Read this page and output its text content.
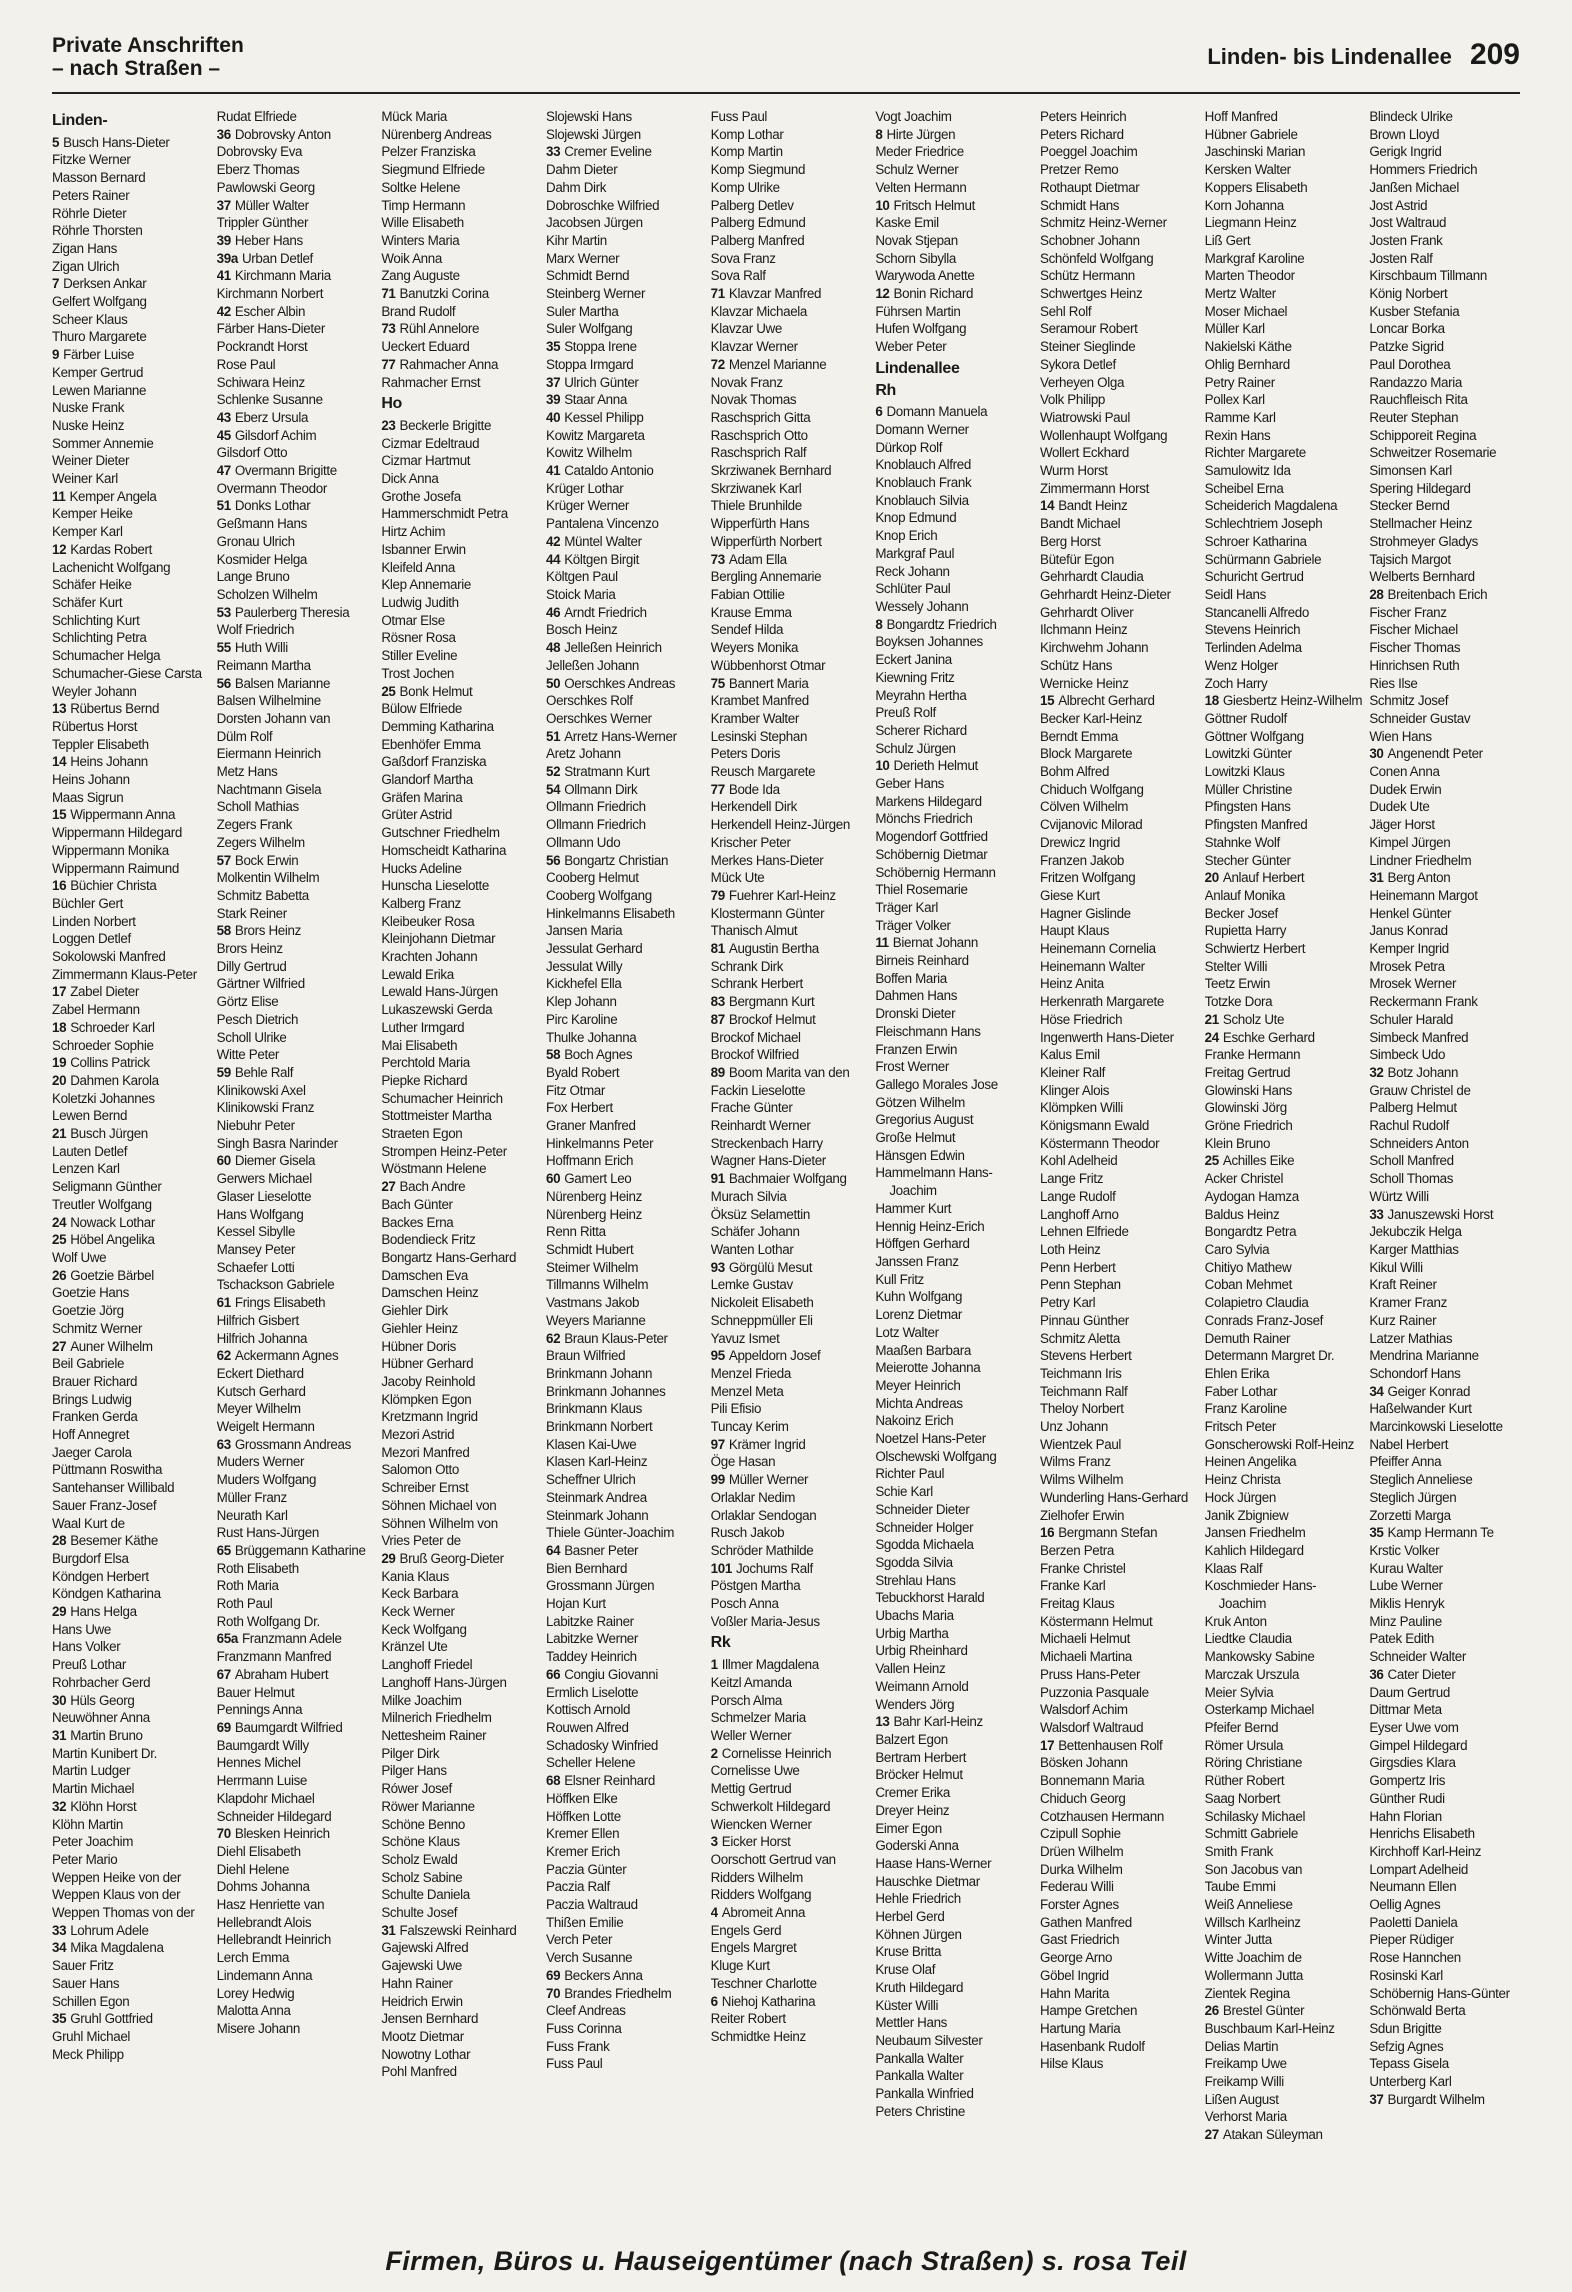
Private Anschriften
– nach Straßen –	Linden- bis Lindenallee 209
Linden-
5 Busch Hans-Dieter
Fitzke Werner
Masson Bernard
Peters Rainer
Röhrle Dieter
Röhrle Thorsten
Zigan Hans
Zigan Ulrich
7 Derksen Ankar
Gelfert Wolfgang
Scheer Klaus
Thuro Margarete
9 Färber Luise
Kemper Gertrud
Lewen Marianne
Nuske Frank
Nuske Heinz
Sommer Annemie
Weiner Dieter
Weiner Karl
11 Kemper Angela
Kemper Heike
Kemper Karl
12 Kardas Robert
Lachenicht Wolfgang
Schäfer Heike
Schäfer Kurt
Schlichting Kurt
Schlichting Petra
Schumacher Helga
Schumacher-Giese Carsta
Weyler Johann
13 Rübertus Bernd
Rübertus Horst
Teppler Elisabeth
14 Heins Johann
Heins Johann
Maas Sigrun
15 Wippermann Anna
Wippermann Hildegard
Wippermann Monika
Wippermann Raimund
16 Büchier Christa
Büchler Gert
Linden Norbert
Loggen Detlef
Sokolowski Manfred
Zimmermann Klaus-Peter
17 Zabel Dieter
Zabel Hermann
18 Schroeder Karl
Schroeder Sophie
19 Collins Patrick
20 Dahmen Karola
Koletzki Johannes
Lewen Bernd
21 Busch Jürgen
Lauten Detlef
Lenzen Karl
Seligmann Günther
Treutler Wolfgang
24 Nowack Lothar
25 Höbel Angelika
Wolf Uwe
26 Goetzie Bärbel
Goetzie Hans
Goetzie Jörg
Schmitz Werner
27 Auner Wilhelm
Beil Gabriele
Brauer Richard
Brings Ludwig
Franken Gerda
Hoff Annegret
Jaeger Carola
Püttmann Roswitha
Santehanser Willibald
Sauer Franz-Josef
Waal Kurt de
28 Besemer Käthe
Burgdorf Elsa
Köndgen Herbert
Köndgen Katharina
29 Hans Helga
Hans Uwe
Hans Volker
Preuß Lothar
Rohrbacher Gerd
30 Hüls Georg
Neuwöhner Anna
31 Martin Bruno
Martin Kunibert Dr.
Martin Ludger
Martin Michael
32 Klöhn Horst
Klöhn Martin
Peter Joachim
Peter Mario
Weppen Heike von der
Weppen Klaus von der
Weppen Thomas von der
33 Lohrum Adele
34 Mika Magdalena
Sauer Fritz
Sauer Hans
Schillen Egon
35 Gruhl Gottfried
Gruhl Michael
Meck Philipp
Rudat Elfriede
36 Dobrovsky Anton
Dobrovsky Eva
Eberz Thomas
Pawlowski Georg
37 Müller Walter
Trippler Günther
39 Heber Hans
39a Urban Detlef
41 Kirchmann Maria
Kirchmann Norbert
42 Escher Albin
Färber Hans-Dieter
Pockrandt Horst
Rose Paul
Schiwara Heinz
Schlenke Susanne
43 Eberz Ursula
45 Gilsdorf Achim
Gilsdorf Otto
47 Overmann Brigitte
Overmann Theodor
51 Donks Lothar
Geßmann Hans
Gronau Ulrich
Kosmider Helga
Lange Bruno
Scholzen Wilhelm
53 Paulerberg Theresia
Wolf Friedrich
55 Huth Willi
Reimann Martha
56 Balsen Marianne
Balsen Wilhelmine
Dorsten Johann van
Dülm Rolf
Eiermann Heinrich
Metz Hans
Nachtmann Gisela
Scholl Mathias
Zegers Frank
Zegers Wilhelm
57 Bock Erwin
Molkentin Wilhelm
Schmitz Babetta
Stark Reiner
58 Brors Heinz
Brors Heinz
Dilly Gertrud
Gärtner Wilfried
Görtz Elise
Pesch Dietrich
Scholl Ulrike
Witte Peter
59 Behle Ralf
Klinikowski Axel
Klinikowski Franz
Niebuhr Peter
Singh Basra Narinder
60 Diemer Gisela
Gerwers Michael
Glaser Lieselotte
Hans Wolfgang
Kessel Sibylle
Mansey Peter
Schaefer Lotti
Tschackson Gabriele
61 Frings Elisabeth
Hilfrich Gisbert
Hilfrich Johanna
62 Ackermann Agnes
Eckert Diethard
Kutsch Gerhard
Meyer Wilhelm
Weigelt Hermann
63 Grossmann Andreas
Muders Werner
Muders Wolfgang
Müller Franz
Neurath Karl
Rust Hans-Jürgen
65 Brüggemann Katharine
Roth Elisabeth
Roth Maria
Roth Paul
Roth Wolfgang Dr.
65a Franzmann Adele
Franzmann Manfred
67 Abraham Hubert
Bauer Helmut
Pennings Anna
69 Baumgardt Wilfried
Baumgardt Willy
Hennes Michel
Herrmann Luise
Klapdohr Michael
Schneider Hildegard
70 Blesken Heinrich
Diehl Elisabeth
Diehl Helene
Dohms Johanna
Hasz Henriette van
Hellebrandt Alois
Hellebrandt Heinrich
Lerch Emma
Lindemann Anna
Lorey Hedwig
Malotta Anna
Misere Johann
Mück Maria
Nürenberg Andreas
Pelzer Franziska
Siegmund Elfriede
Soltke Helene
Timp Hermann
Wille Elisabeth
Winters Maria
Woik Anna
Zang Auguste
71 Banutzki Corina
Brand Rudolf
73 Rühl Annelore
Ueckert Eduard
77 Rahmacher Anna
Rahmacher Ernst
Ho
23 Beckerle Brigitte
Cizmar Edeltraud
Cizmar Hartmut
Dick Anna
Grothe Josefa
Hammerschmidt Petra
Hirtz Achim
Isbanner Erwin
Kleifeld Anna
Klep Annemarie
Ludwig Judith
Otmar Else
Rösner Rosa
Stiller Eveline
Trost Jochen
25 Bonk Helmut
Bülow Elfriede
Demming Katharina
Ebenhöfer Emma
Gaßdorf Franziska
Glandorf Martha
Gräfen Marina
Grüter Astrid
Gutschner Friedhelm
Homscheidt Katharina
Hucks Adeline
Hunscha Lieselotte
Kalberg Franz
Kleibeuker Rosa
Kleinjohann Dietmar
Krachten Johann
Lewald Erika
Lewald Hans-Jürgen
Lukaszewski Gerda
Luther Irmgard
Mai Elisabeth
Perchtold Maria
Piepke Richard
Schumacher Heinrich
Stottmeister Martha
Straeten Egon
Strompen Heinz-Peter
Wöstmann Helene
27 Bach Andre
Bach Günter
Backes Erna
Bodendieck Fritz
Bongartz Hans-Gerhard
Damschen Eva
Damschen Heinz
Giehler Dirk
Giehler Heinz
Hübner Doris
Hübner Gerhard
Jacoby Reinhold
Klömpken Egon
Kretzmann Ingrid
Mezori Astrid
Mezori Manfred
Salomon Otto
Schreiber Ernst
Söhnen Michael von
Söhnen Wilhelm von
Vries Peter de
29 Bruß Georg-Dieter
Kania Klaus
Keck Barbara
Keck Werner
Keck Wolfgang
Kränzel Ute
Langhoff Friedel
Langhoff Hans-Jürgen
Milke Joachim
Milnerich Friedhelm
Nettesheim Rainer
Pilger Dirk
Pilger Hans
Rówer Josef
Röwer Marianne
Schöne Benno
Schöne Klaus
Scholz Ewald
Scholz Sabine
Schulte Daniela
Schulte Josef
31 Falszewski Reinhard
Gajewski Alfred
Gajewski Uwe
Hahn Rainer
Heidrich Erwin
Jensen Bernhard
Mootz Dietmar
Nowotny Lothar
Pohl Manfred
Slojewski Hans
Slojewski Jürgen
33 Cremer Eveline
Dahm Dieter
Dahm Dirk
Dobroschke Wilfried
Jacobsen Jürgen
Kihr Martin
Marx Werner
Schmidt Bernd
Steinberg Werner
Suler Martha
Suler Wolfgang
35 Stoppa Irene
Stoppa Irmgard
37 Ulrich Günter
39 Staar Anna
40 Kessel Philipp
Kowitz Margareta
Kowitz Wilhelm
41 Cataldo Antonio
Krüger Lothar
Krüger Werner
Pantalena Vincenzo
42 Müntel Walter
44 Költgen Birgit
Költgen Paul
Stoick Maria
46 Arndt Friedrich
Bosch Heinz
48 Jelleßen Heinrich
Jelleßen Johann
50 Oerschkes Andreas
Oerschkes Rolf
Oerschkes Werner
51 Arretz Hans-Werner
Aretz Johann
52 Stratmann Kurt
54 Ollmann Dirk
Ollmann Friedrich
Ollmann Friedrich
Ollmann Udo
56 Bongartz Christian
Cooberg Helmut
Cooberg Wolfgang
Hinkelmanns Elisabeth
Jansen Maria
Jessulat Gerhard
Jessulat Willy
Kickhefel Ella
Klep Johann
Pirc Karoline
Thulke Johanna
58 Boch Agnes
Byald Robert
Fitz Otmar
Fox Herbert
Graner Manfred
Hinkelmanns Peter
Hoffmann Erich
60 Gamert Leo
Nürenberg Heinz
Nürenberg Heinz
Renn Ritta
Schmidt Hubert
Steimer Wilhelm
Tillmanns Wilhelm
Vastmans Jakob
Weyers Marianne
62 Braun Klaus-Peter
Braun Wilfried
Brinkmann Johann
Brinkmann Johannes
Brinkmann Klaus
Brinkmann Norbert
Klasen Kai-Uwe
Klasen Karl-Heinz
Scheffner Ulrich
Steinmark Andrea
Steinmark Johann
Thiele Günter-Joachim
64 Basner Peter
Bien Bernhard
Grossmann Jürgen
Hojan Kurt
Labitzke Rainer
Labitzke Werner
Taddey Heinrich
66 Congiu Giovanni
Ermlich Liselotte
Kottisch Arnold
Rouwen Alfred
Schadosky Winfried
Scheller Helene
68 Elsner Reinhard
Höffken Elke
Höffken Lotte
Kremer Ellen
Kremer Erich
Paczia Günter
Paczia Ralf
Paczia Waltraud
Thißen Emilie
Verch Peter
Verch Susanne
69 Beckers Anna
70 Brandes Friedhelm
Cleef Andreas
Fuss Corinna
Fuss Frank
Fuss Paul
Fuss Paul
Komp Lothar
Komp Martin
Komp Siegmund
Komp Ulrike
Palberg Detlev
Palberg Edmund
Palberg Manfred
Sova Franz
Sova Ralf
71 Klavzar Manfred
Klavzar Michaela
Klavzar Uwe
Klavzar Werner
72 Menzel Marianne
Novak Franz
Novak Thomas
Raschsprich Gitta
Raschsprich Otto
Raschsprich Ralf
Skrziwanek Bernhard
Skrziwanek Karl
Thiele Brunhilde
Wipperfürth Hans
Wipperfürth Norbert
73 Adam Ella
Bergling Annemarie
Fabian Ottilie
Krause Emma
Sendef Hilda
Weyers Monika
Wübbenhorst Otmar
75 Bannert Maria
Krambet Manfred
Kramber Walter
Lesinski Stephan
Peters Doris
Reusch Margarete
77 Bode Ida
Herkendell Dirk
Herkendell Heinz-Jürgen
Krischer Peter
Merkes Hans-Dieter
Mück Ute
79 Fuehrer Karl-Heinz
Klostermann Günter
Thanisch Almut
81 Augustin Bertha
Schrank Dirk
Schrank Herbert
83 Bergmann Kurt
87 Brockof Helmut
Brockof Michael
Brockof Wilfried
89 Boom Marita van den
Fackin Lieselotte
Frache Günter
Reinhardt Werner
Streckenbach Harry
Wagner Hans-Dieter
91 Bachmaier Wolfgang
Murach Silvia
Öksüz Selamettin
Schäfer Johann
Wanten Lothar
93 Görgülü Mesut
Lemke Gustav
Nickoleit Elisabeth
Schneppmüller Eli
Yavuz Ismet
95 Appeldorn Josef
Menzel Frieda
Menzel Meta
Pili Efisio
Tuncay Kerim
97 Krämer Ingrid
Öge Hasan
99 Müller Werner
Orlaklar Nedim
Orlaklar Sendogan
Rusch Jakob
Schröder Mathilde
101 Jochums Ralf
Pöstgen Martha
Posch Anna
Voßler Maria-Jesus
Rk
1 Illmer Magdalena
Keitzl Amanda
Porsch Alma
Schmelzer Maria
Weller Werner
2 Cornelisse Heinrich
Cornelisse Uwe
Mettig Gertrud
Schwerkolt Hildegard
Wiencken Werner
3 Eicker Horst
Oorschott Gertrud van
Ridders Wilhelm
Ridders Wolfgang
4 Abromeit Anna
Engels Gerd
Engels Margret
Kluge Kurt
Teschner Charlotte
6 Niehoj Katharina
Reiter Robert
Schmidtke Heinz
Vogt Joachim
8 Hirte Jürgen
Meder Friedrice
Schulz Werner
Velten Hermann
10 Fritsch Helmut
Kaske Emil
Novak Stjepan
Schorn Sibylla
Warywoda Anette
12 Bonin Richard
Führsen Martin
Hufen Wolfgang
Weber Peter
Lindenallee
Rh
6 Domann Manuela
Domann Werner
Dürkop Rolf
Knoblauch Alfred
Knoblauch Frank
Knoblauch Silvia
Knop Edmund
Knop Erich
Markgraf Paul
Reck Johann
Schlüter Paul
Wessely Johann
8 Bongardtz Friedrich
Boyksen Johannes
Eckert Janina
Kiewning Fritz
Meyrahn Hertha
Preuß Rolf
Scherer Richard
Schulz Jürgen
10 Derieth Helmut
Geber Hans
Markens Hildegard
Mönchs Friedrich
Mogendorf Gottfried
Schöbernig Dietmar
Schöbernig Hermann
Thiel Rosemarie
Träger Karl
Träger Volker
11 Biernat Johann
Birneis Reinhard
Boffen Maria
Dahmen Hans
Dronski Dieter
Fleischmann Hans
Franzen Erwin
Frost Werner
Gallego Morales Jose
Götzen Wilhelm
Gregorius August
Große Helmut
Hänsgen Edwin
Hammelmann Hans-Joachim
Hammer Kurt
Hennig Heinz-Erich
Höffgen Gerhard
Janssen Franz
Kull Fritz
Kuhn Wolfgang
Lorenz Dietmar
Lotz Walter
Maaßen Barbara
Meierotte Johanna
Meyer Heinrich
Michta Andreas
Nakoinz Erich
Noetzel Hans-Peter
Olschewski Wolfgang
Richter Paul
Schie Karl
Schneider Dieter
Schneider Holger
Sgodda Michaela
Sgodda Silvia
Strehlau Hans
Tebuckhorst Harald
Ubachs Maria
Urbig Martha
Urbig Rheinhard
Vallen Heinz
Weimann Arnold
Wenders Jörg
13 Bahr Karl-Heinz
Balzert Egon
Bertram Herbert
Bröcker Helmut
Cremer Erika
Dreyer Heinz
Eimer Egon
Goderski Anna
Haase Hans-Werner
Hauschke Dietmar
Hehle Friedrich
Herbel Gerd
Köhnen Jürgen
Kruse Britta
Kruse Olaf
Kruth Hildegard
Küster Willi
Mettler Hans
Neubaum Silvester
Pankalla Walter
Pankalla Walter
Pankalla Winfried
Peters Christine
Peters Heinrich
Peters Richard
Poeggel Joachim
Pretzer Remo
Rothaupt Dietmar
Schmidt Hans
Schmitz Heinz-Werner
Schobner Johann
Schönfeld Wolfgang
Schütz Hermann
Schwertges Heinz
Sehl Rolf
Seramour Robert
Steiner Sieglinde
Sykora Detlef
Verheyen Olga
Volk Philipp
Wiatrowski Paul
Wollenhaupt Wolfgang
Wollert Eckhard
Wurm Horst
Zimmermann Horst
14 Bandt Heinz
Bandt Michael
Berg Horst
Bütefür Egon
Gehrhardt Claudia
Gehrhardt Heinz-Dieter
Gehrhardt Oliver
Ilchmann Heinz
Kirchwehm Johann
Schütz Hans
Wernicke Heinz
15 Albrecht Gerhard
Becker Karl-Heinz
Berndt Emma
Block Margarete
Bohm Alfred
Chiduch Wolfgang
Cölven Wilhelm
Cvijanovic Milorad
Drewicz Ingrid
Franzen Jakob
Fritzen Wolfgang
Giese Kurt
Hagner Gislinde
Haupt Klaus
Heinemann Cornelia
Heinemann Walter
Heinz Anita
Herkenrath Margarete
Höse Friedrich
Ingenwerth Hans-Dieter
Kalus Emil
Kleiner Ralf
Klinger Alois
Klömpken Willi
Königsmann Ewald
Köstermann Theodor
Kohl Adelheid
Lange Fritz
Lange Rudolf
Langhoff Arno
Lehnen Elfriede
Loth Heinz
Penn Herbert
Penn Stephan
Petry Karl
Pinnau Günther
Schmitz Aletta
Stevens Herbert
Teichmann Iris
Teichmann Ralf
Theloy Norbert
Unz Johann
Wientzek Paul
Wilms Franz
Wilms Wilhelm
Wunderling Hans-Gerhard
Zielhofer Erwin
16 Bergmann Stefan
Berzen Petra
Franke Christel
Franke Karl
Freitag Klaus
Köstermann Helmut
Michaeli Helmut
Michaeli Martina
Pruss Hans-Peter
Puzzonia Pasquale
Walsdorf Achim
Walsdorf Waltraud
17 Bettenhausen Rolf
Bösken Johann
Bonnemann Maria
Chiduch Georg
Cotzhausen Hermann
Czipull Sophie
Drüen Wilhelm
Durka Wilhelm
Federau Willi
Forster Agnes
Gathen Manfred
Gast Friedrich
George Arno
Göbel Ingrid
Hahn Marita
Hampe Gretchen
Hartung Maria
Hasenbank Rudolf
Hilse Klaus
Hoff Manfred
Hübner Gabriele
Jaschinski Marian
Kersken Walter
Koppers Elisabeth
Korn Johanna
Liegmann Heinz
Liß Gert
Markgraf Karoline
Marten Theodor
Mertz Walter
Moser Michael
Müller Karl
Nakielski Käthe
Ohlig Bernhard
Petry Rainer
Pollex Karl
Ramme Karl
Rexin Hans
Richter Margarete
Samulowitz Ida
Scheibel Erna
Scheiderich Magdalena
Schlechtriem Joseph
Schroer Katharina
Schürmann Gabriele
Schuricht Gertrud
Seidl Hans
Stancanelli Alfredo
Stevens Heinrich
Terlinden Adelma
Wenz Holger
Zoch Harry
18 Giesbertz Heinz-Wilhelm
Göttner Rudolf
Göttner Wolfgang
Lowitzki Günter
Lowitzki Klaus
Müller Christine
Pfingsten Hans
Pfingsten Manfred
Stahnke Wolf
Stecher Günter
20 Anlauf Herbert
Anlauf Monika
Becker Josef
Rupietta Harry
Schwiertz Herbert
Stelter Willi
Teetz Erwin
Totzke Dora
21 Scholz Ute
24 Eschke Gerhard
Franke Hermann
Freitag Gertrud
Glowinski Hans
Glowinski Jörg
Gröne Friedrich
Klein Bruno
25 Achilles Eike
Acker Christel
Aydogan Hamza
Baldus Heinz
Bongardtz Petra
Caro Sylvia
Chitiyo Mathew
Coban Mehmet
Colapietro Claudia
Conrads Franz-Josef
Demuth Rainer
Determann Margret Dr.
Ehlen Erika
Faber Lothar
Franz Karoline
Fritsch Peter
Gonscherowski Rolf-Heinz
Heinen Angelika
Heinz Christa
Hock Jürgen
Janik Zbigniew
Jansen Friedhelm
Kahlich Hildegard
Klaas Ralf
Koschmieder Hans-Joachim
Kruk Anton
Liedtke Claudia
Mankowsky Sabine
Marczak Urszula
Meier Sylvia
Osterkamp Michael
Pfeifer Bernd
Römer Ursula
Röring Christiane
Rüther Robert
Saag Norbert
Schilasky Michael
Schmitt Gabriele
Smith Frank
Son Jacobus van
Taube Emmi
Weiß Anneliese
Willsch Karlheinz
Winter Jutta
Witte Joachim de
Wollermann Jutta
Zientek Regina
26 Brestel Günter
Buschbaum Karl-Heinz
Delias Martin
Freikamp Uwe
Freikamp Willi
Lißen August
Verhorst Maria
27 Atakan Süleyman
Blindeck Ulrike
Brown Lloyd
Gerigk Ingrid
Hommers Friedrich
Janßen Michael
Jost Astrid
Jost Waltraud
Josten Frank
Josten Ralf
Kirschbaum Tillmann
König Norbert
Kusber Stefania
Loncar Borka
Patzke Sigrid
Paul Dorothea
Randazzo Maria
Rauchfleisch Rita
Reuter Stephan
Schipporeit Regina
Schweitzer Rosemarie
Simonsen Karl
Spering Hildegard
Stecker Bernd
Stellmacher Heinz
Strohmeyer Gladys
Tajsich Margot
Welberts Bernhard
28 Breitenbach Erich
Fischer Franz
Fischer Michael
Fischer Thomas
Hinrichsen Ruth
Ries Ilse
Schmitz Josef
Schneider Gustav
Wien Hans
30 Angenendt Peter
Conen Anna
Dudek Erwin
Dudek Ute
Jäger Horst
Kimpel Jürgen
Lindner Friedhelm
31 Berg Anton
Heinemann Margot
Henkel Günter
Janus Konrad
Kemper Ingrid
Mrosek Petra
Mrosek Werner
Reckermann Frank
Schuler Harald
Simbeck Manfred
Simbeck Udo
32 Botz Johann
Grauw Christel de
Palberg Helmut
Rachul Rudolf
Schneiders Anton
Scholl Manfred
Scholl Thomas
Würtz Willi
33 Januszewski Horst
Jekubczik Helga
Karger Matthias
Kikul Willi
Kraft Reiner
Kramer Franz
Kurz Rainer
Latzer Mathias
Mendrina Marianne
Schondorf Hans
34 Geiger Konrad
Haßelwander Kurt
Marcinkowski Lieselotte
Nabel Herbert
Pfeiffer Anna
Steglich Anneliese
Steglich Jürgen
Zorzetti Marga
35 Kamp Hermann Te
Krstic Volker
Kurau Walter
Lube Werner
Miklis Henryk
Minz Pauline
Patek Edith
Schneider Walter
36 Cater Dieter
Daum Gertrud
Dittmar Meta
Eyser Uwe vom
Gimpel Hildegard
Girgsdies Klara
Gompertz Iris
Günther Rudi
Hahn Florian
Henrichs Elisabeth
Kirchhoff Karl-Heinz
Lompart Adelheid
Neumann Ellen
Oellig Agnes
Paoletti Daniela
Pieper Rüdiger
Rose Hannchen
Rosinski Karl
Schöbernig Hans-Günter
Schönwald Berta
Sdun Brigitte
Sefzig Agnes
Tepass Gisela
Unterberg Karl
37 Burgardt Wilhelm
Firmen, Büros u. Hauseigentümer (nach Straßen) s. rosa Teil
